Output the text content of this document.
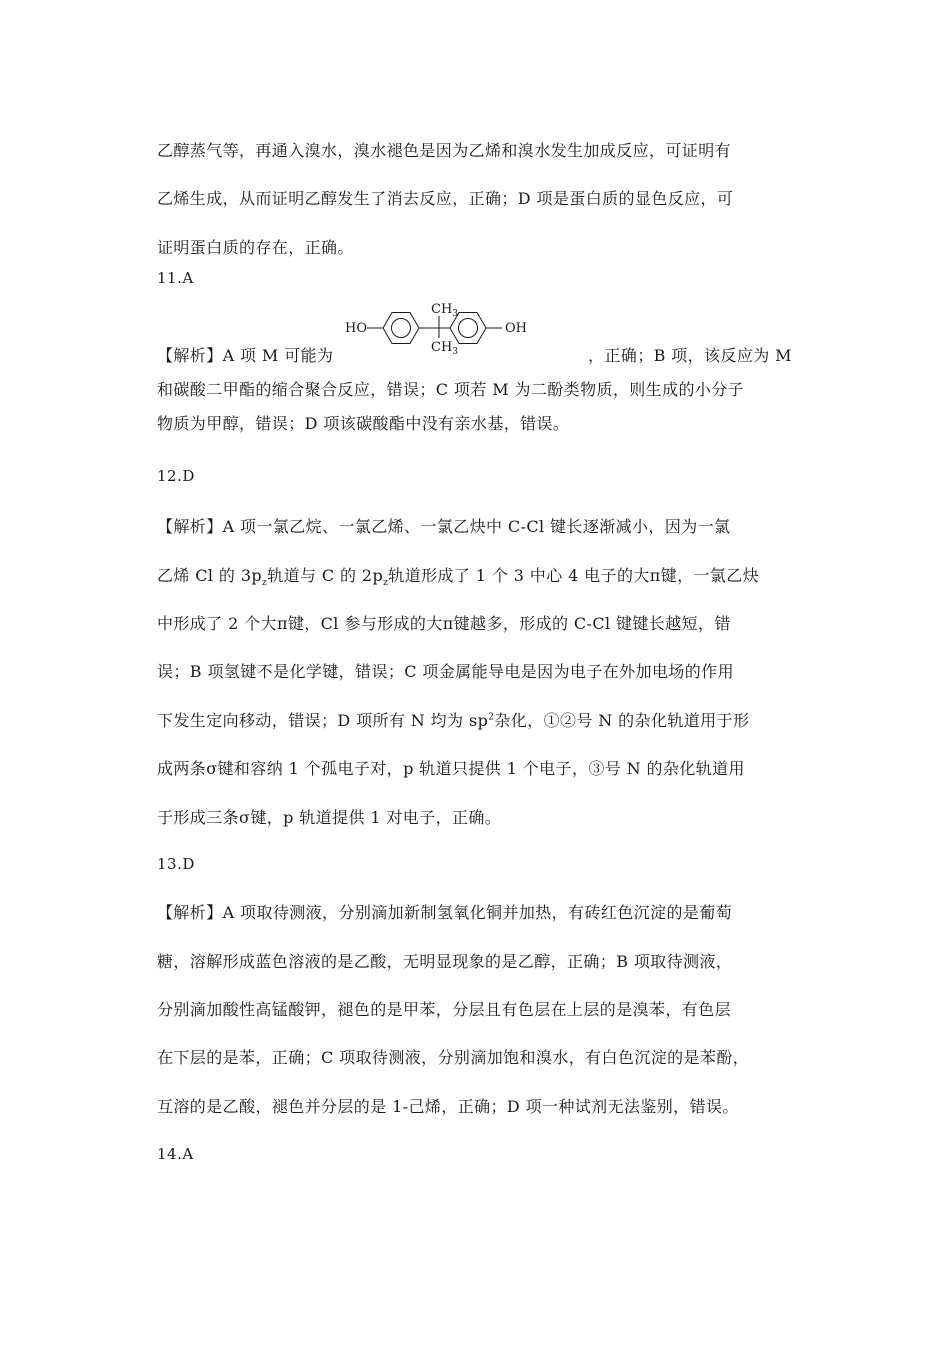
乙醇蒸气等，再通入溴水，溴水褪色是因为乙烯和溴水发生加成反应，可证明有
乙烯生成，从而证明乙醇发生了消去反应，正确；D 项是蛋白质的显色反应，可
证明蛋白质的存在，正确。
11.A
HO
$CH_3$
$CH_3$
OH
【解析】A 项 M 可能为	，正确；B 项，该反应为 M
和碳酸二甲酯的缩合聚合反应，错误；C 项若 M 为二酚类物质，则生成的小分子
物质为甲醇，错误；D 项该碳酸酯中没有亲水基，错误。
12.D
【解析】A 项一氯乙烷、一氯乙烯、一氯乙炔中 C-Cl 键长逐渐减小，因为一氯
乙烯 Cl 的 $3p_z$轨道与 C 的 $2p_z$轨道形成了 1 个 3 中心 4 电子的大π键，一氯乙炔
中形成了 2 个大π键，Cl 参与形成的大π键越多，形成的 C-Cl 键键长越短，错
误；B 项氢键不是化学键，错误；C 项金属能导电是因为电子在外加电场的作用
下发生定向移动，错误；D 项所有 N 均为 $sp^2$杂化，①②号 N 的杂化轨道用于形
成两条σ键和容纳 1 个孤电子对，p 轨道只提供 1 个电子，③号 N 的杂化轨道用
于形成三条σ键，p 轨道提供 1 对电子，正确。
13.D
【解析】A 项取待测液，分别滴加新制氢氧化铜并加热，有砖红色沉淀的是葡萄
糖，溶解形成蓝色溶液的是乙酸，无明显现象的是乙醇，正确；B 项取待测液，
分别滴加酸性高锰酸钾，褪色的是甲苯，分层且有色层在上层的是溴苯，有色层
在下层的是苯，正确；C 项取待测液，分别滴加饱和溴水，有白色沉淀的是苯酚，
互溶的是乙酸，褪色并分层的是 1-己烯，正确；D 项一种试剂无法鉴别，错误。
14.A
